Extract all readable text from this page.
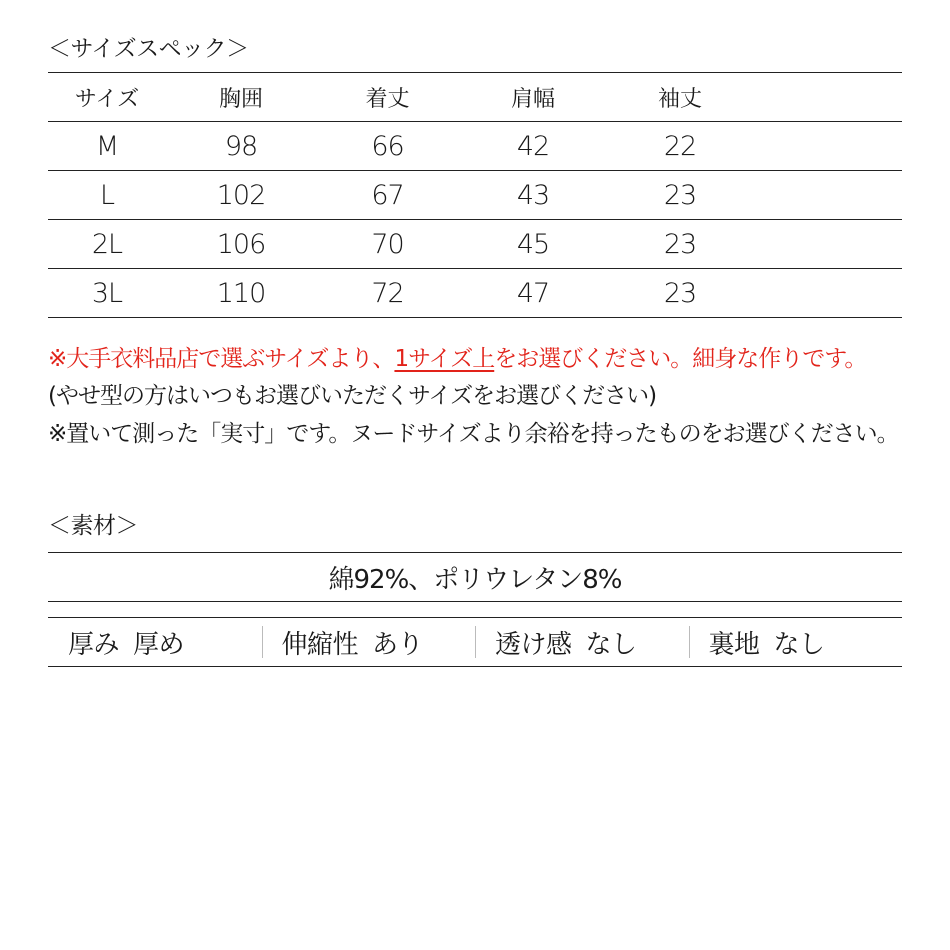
＜サイズスペック＞
サイズ	胸囲	着丈	肩幅	袖丈	
M	98	66	42	22	
L	102	67	43	23	
2L	106	70	45	23	
3L	110	72	47	23	
※大手衣料品店で選ぶサイズより、1サイズ上をお選びください。細身な作りです。
(やせ型の方はいつもお選びいただくサイズをお選びください)
※置いて測った「実寸」です。ヌードサイズより余裕を持ったものをお選びください。
＜素材＞
綿92%、ポリウレタン8%
厚み 厚め	伸縮性 あり	透け感 なし	裏地 なし
